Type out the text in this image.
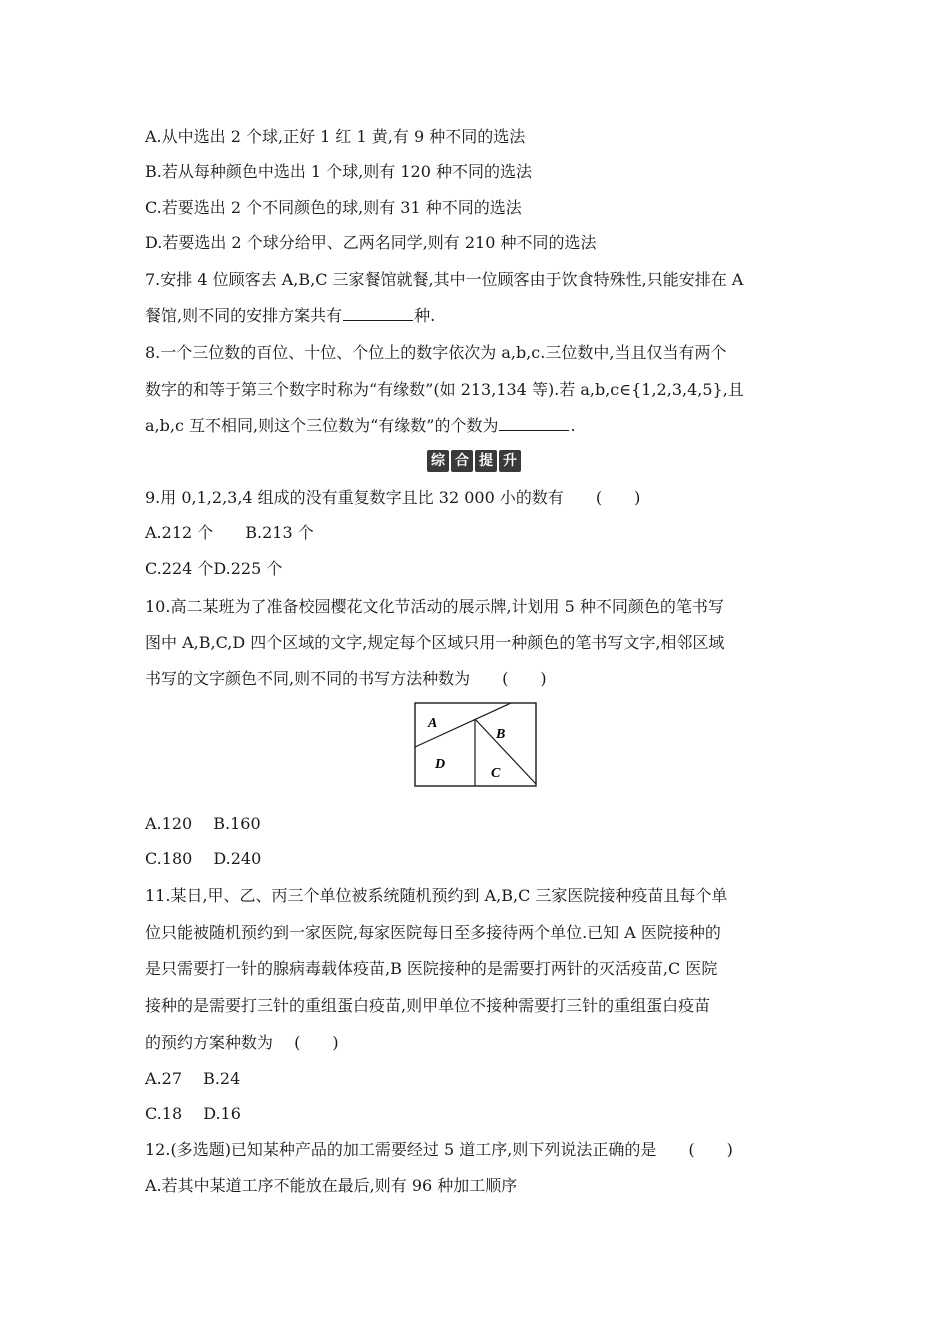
A.从中选出 2 个球,正好 1 红 1 黄,有 9 种不同的选法
B.若从每种颜色中选出 1 个球,则有 120 种不同的选法
C.若要选出 2 个不同颜色的球,则有 31 种不同的选法
D.若要选出 2 个球分给甲、乙两名同学,则有 210 种不同的选法
7.安排 4 位顾客去 A,B,C 三家餐馆就餐,其中一位顾客由于饮食特殊性,只能安排在 A
餐馆,则不同的安排方案共有	种.
8.一个三位数的百位、十位、个位上的数字依次为 a,b,c.三位数中,当且仅当有两个
数字的和等于第三个数字时称为“有缘数”(如 213,134 等).若 a,b,c∈{1,2,3,4,5},且
a,b,c 互不相同,则这个三位数为“有缘数”的个数为	.
综 合 提 升
9.用 0,1,2,3,4 组成的没有重复数字且比 32 000 小的数有　　(　　)
A.212 个　　B.213 个
C.224 个D.225 个
10.高二某班为了准备校园樱花文化节活动的展示牌,计划用 5 种不同颜色的笔书写
图中 A,B,C,D 四个区域的文字,规定每个区域只用一种颜色的笔书写文字,相邻区域
书写的文字颜色不同,则不同的书写方法种数为　　(　　)
A
B
D
C
A.120　 B.160
C.180　 D.240
11.某日,甲、乙、丙三个单位被系统随机预约到 A,B,C 三家医院接种疫苗且每个单
位只能被随机预约到一家医院,每家医院每日至多接待两个单位.已知 A 医院接种的
是只需要打一针的腺病毒载体疫苗,B 医院接种的是需要打两针的灭活疫苗,C 医院
接种的是需要打三针的重组蛋白疫苗,则甲单位不接种需要打三针的重组蛋白疫苗
的预约方案种数为　 (　　)
A.27　 B.24
C.18　 D.16
12.(多选题)已知某种产品的加工需要经过 5 道工序,则下列说法正确的是　　(　　)
A.若其中某道工序不能放在最后,则有 96 种加工顺序
